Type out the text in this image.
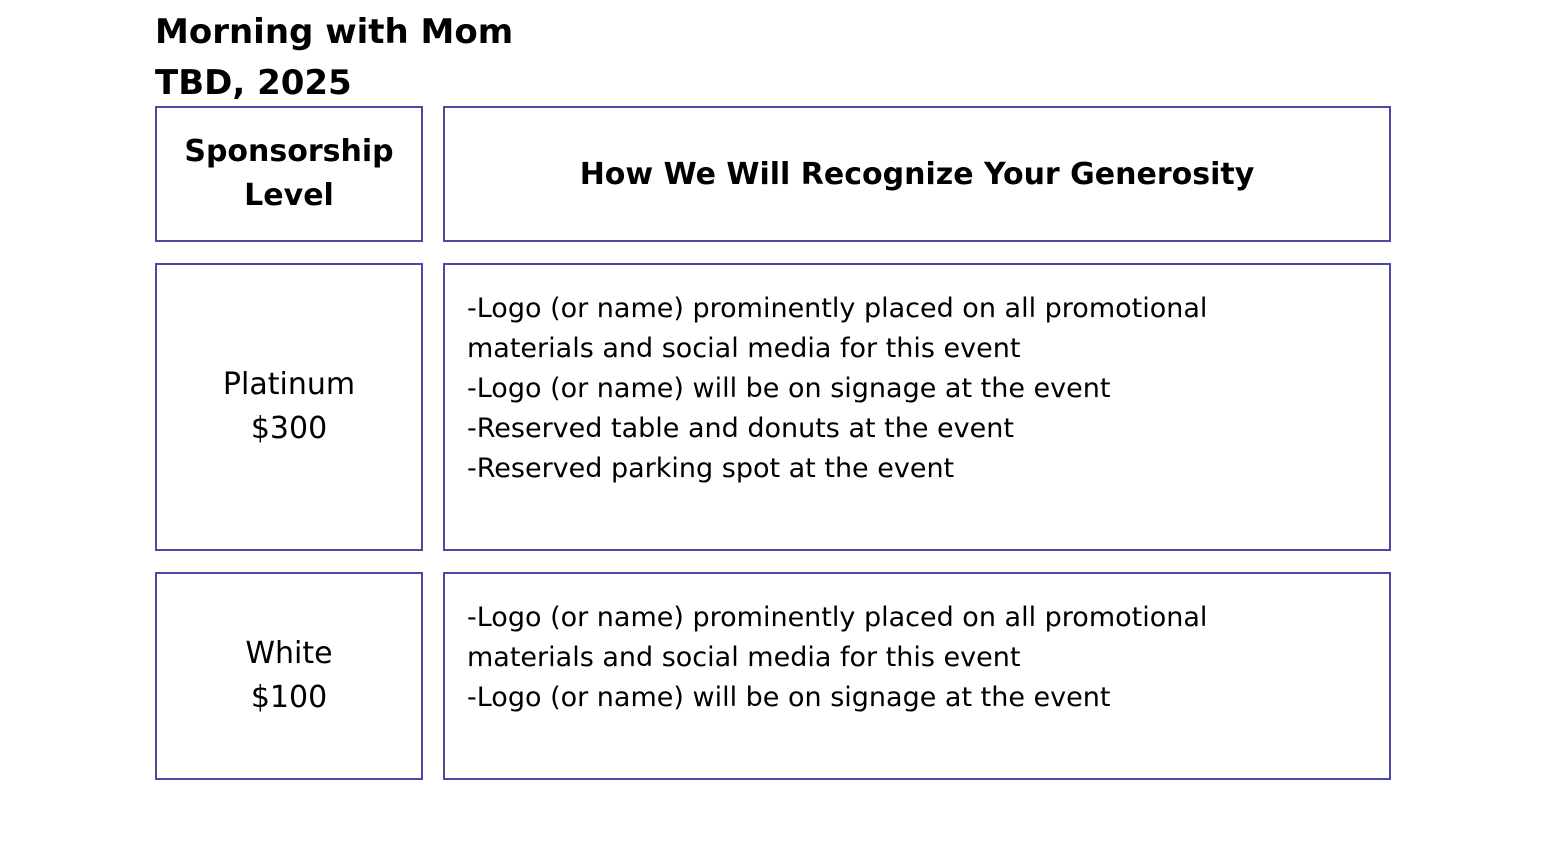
Morning with Mom
TBD, 2025
Sponsorship
Level
How We Will Recognize Your Generosity
Platinum
$300
-Logo (or name) prominently placed on all promotional
materials and social media for this event
-Logo (or name) will be on signage at the event
-Reserved table and donuts at the event
-Reserved parking spot at the event
White
$100
-Logo (or name) prominently placed on all promotional
materials and social media for this event
-Logo (or name) will be on signage at the event
